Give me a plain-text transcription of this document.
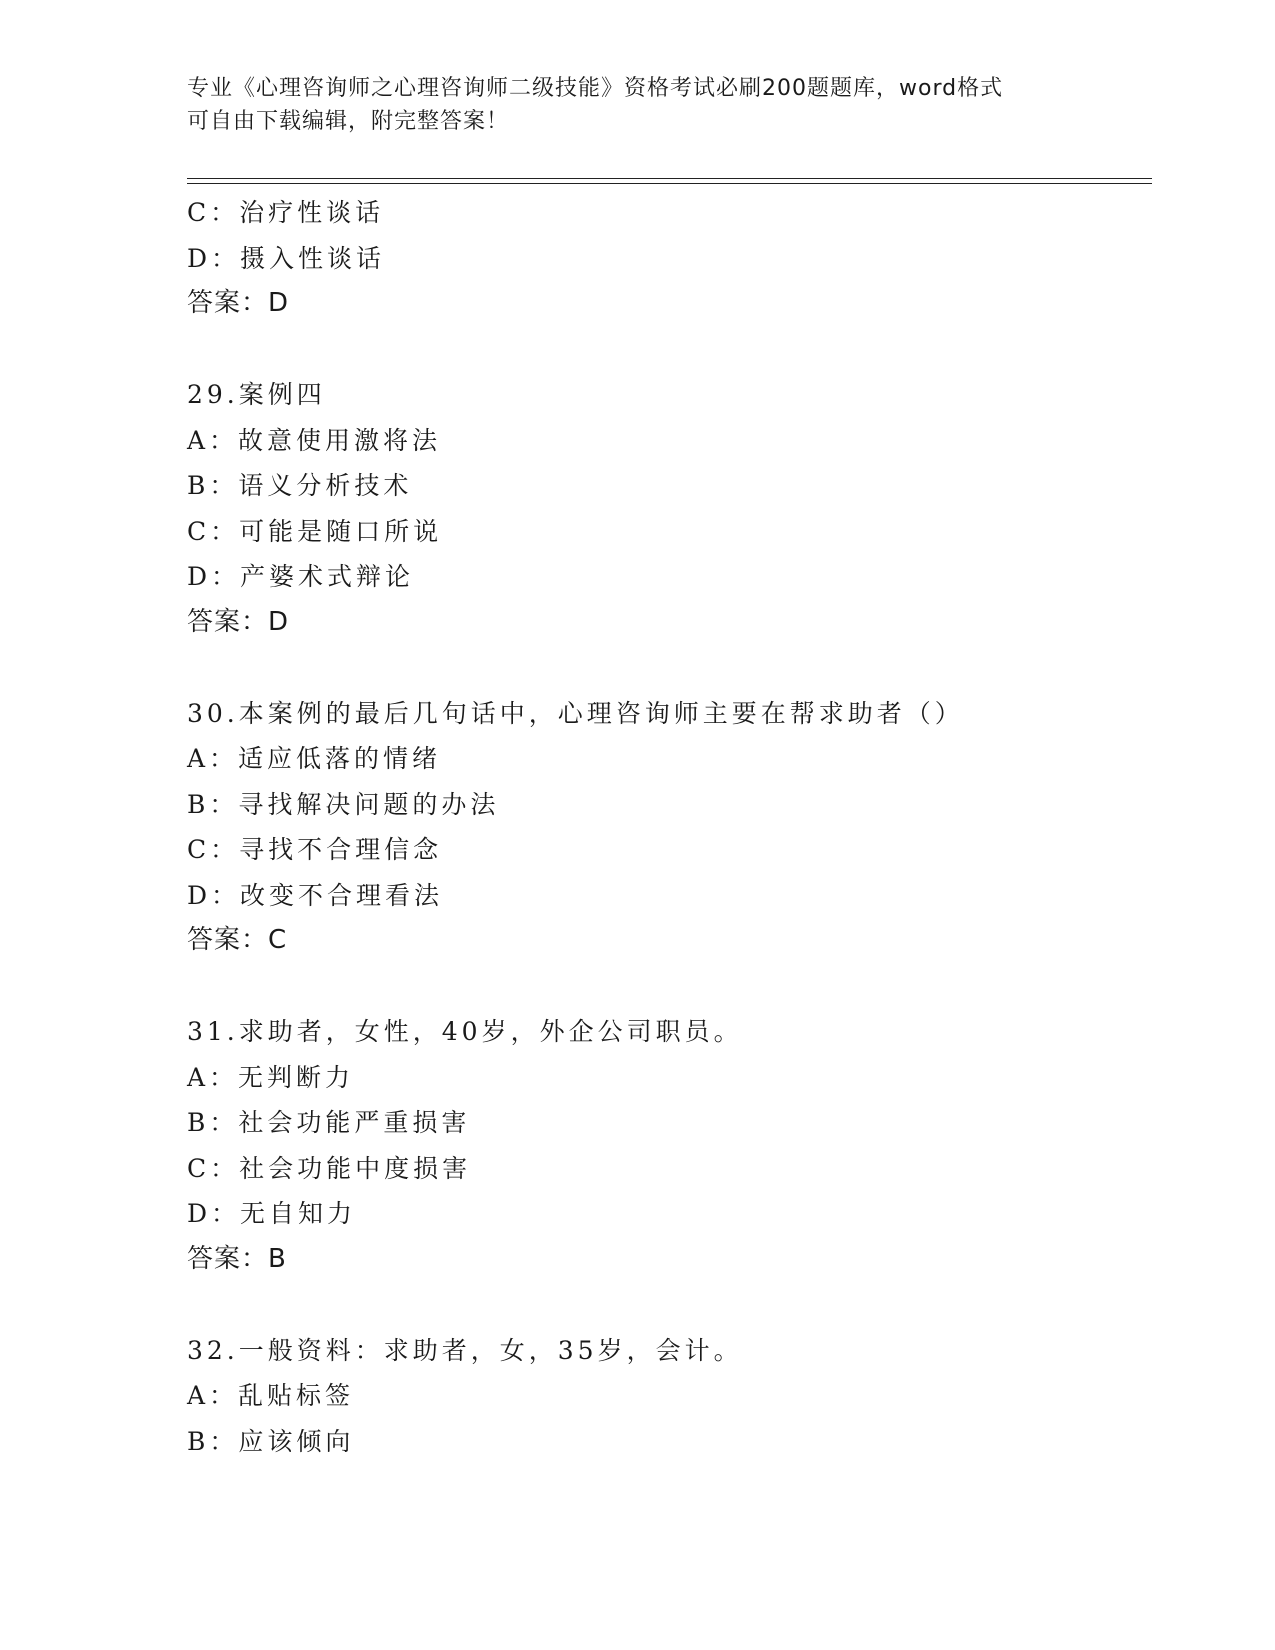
专业《心理咨询师之心理咨询师二级技能》资格考试必刷200题题库，word格式
可自由下载编辑，附完整答案！
C：治疗性谈话
D：摄入性谈话
答案：D
29.案例四
A：故意使用激将法
B：语义分析技术
C：可能是随口所说
D：产婆术式辩论
答案：D
30.本案例的最后几句话中，心理咨询师主要在帮求助者（）
A：适应低落的情绪
B：寻找解决问题的办法
C：寻找不合理信念
D：改变不合理看法
答案：C
31.求助者，女性，40岁，外企公司职员。
A：无判断力
B：社会功能严重损害
C：社会功能中度损害
D：无自知力
答案：B
32.一般资料：求助者，女，35岁，会计。
A：乱贴标签
B：应该倾向
